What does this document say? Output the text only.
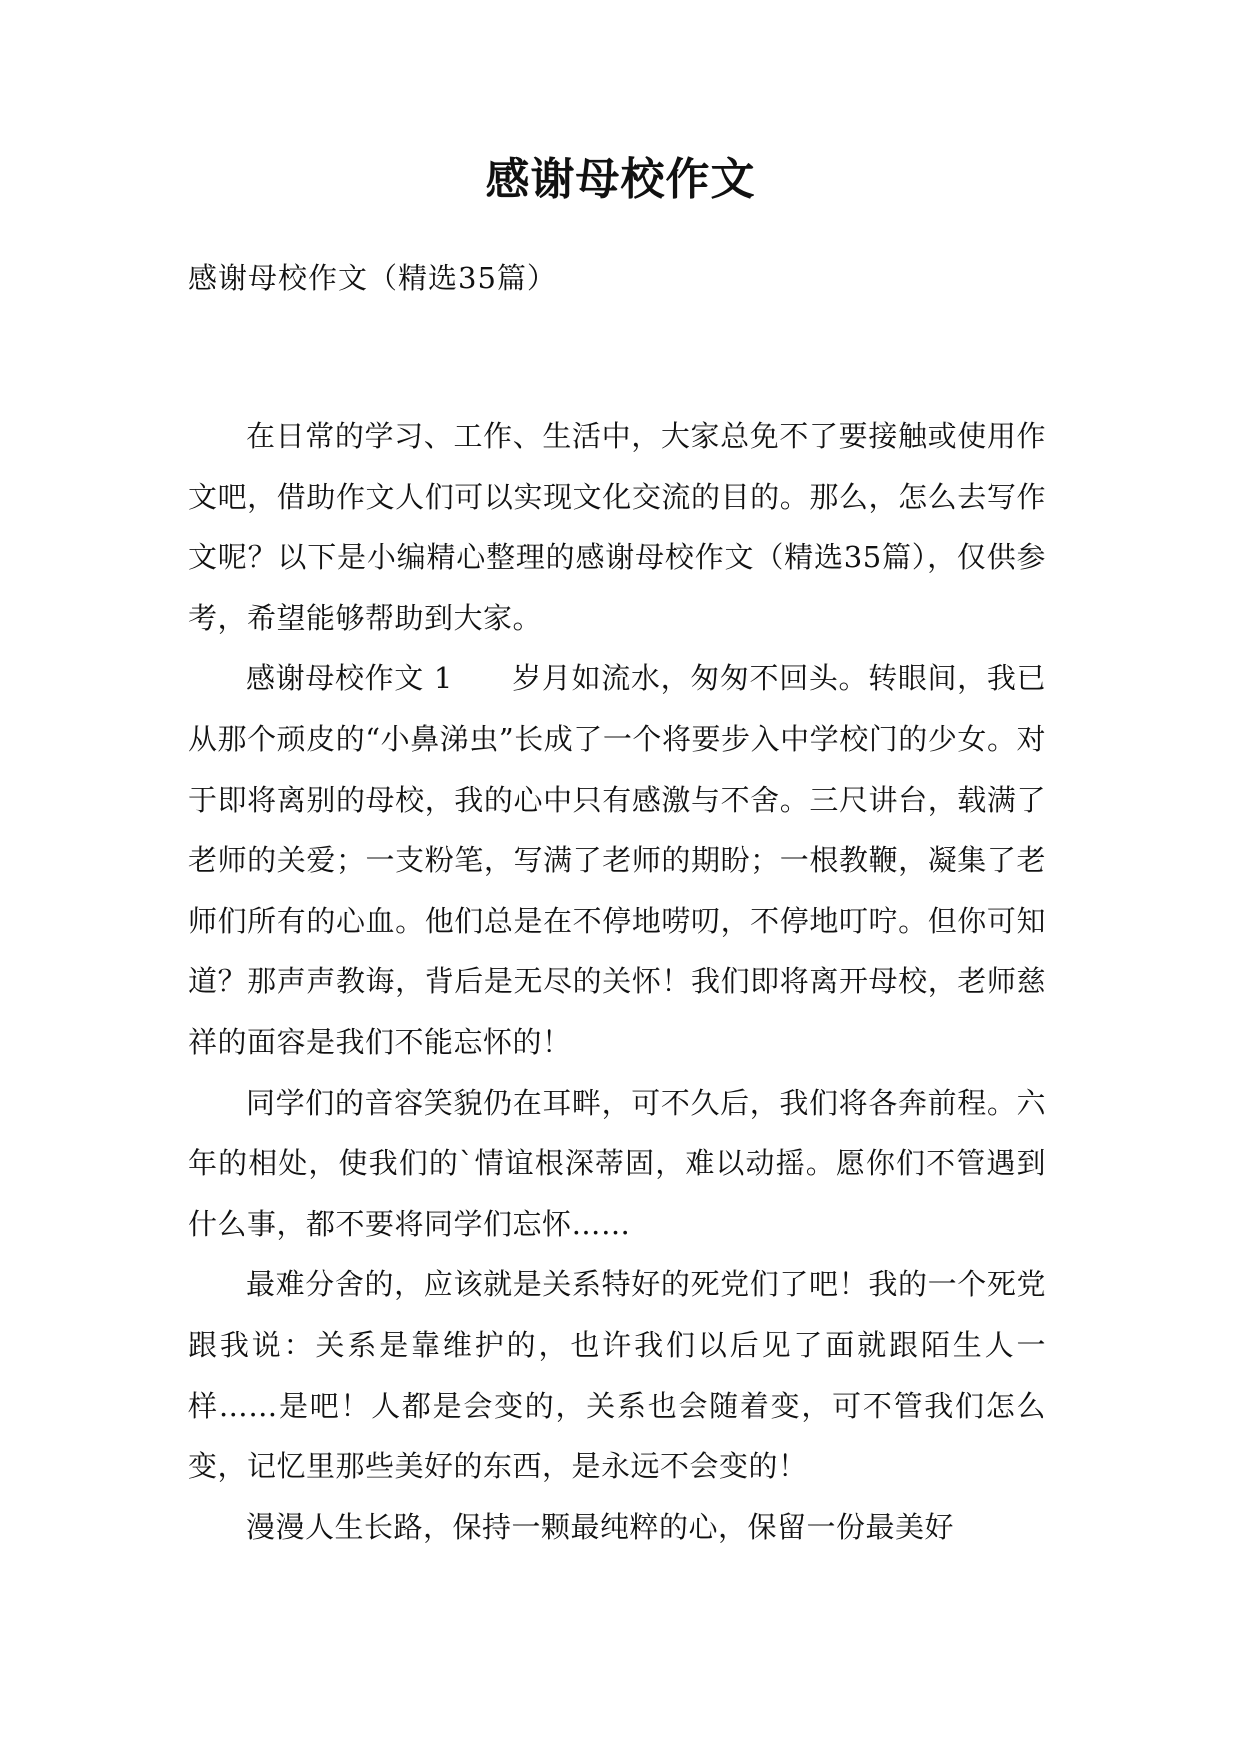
感谢母校作文
感谢母校作文（精选35篇）

在日常的学习、工作、生活中，大家总免不了要接触或使用作文吧，借助作文人们可以实现文化交流的目的。那么，怎么去写作文呢？以下是小编精心整理的感谢母校作文（精选35篇），仅供参考，希望能够帮助到大家。

感谢母校作文 1　　岁月如流水，匆匆不回头。转眼间，我已从那个顽皮的“小鼻涕虫”长成了一个将要步入中学校门的少女。对于即将离别的母校，我的心中只有感激与不舍。三尺讲台，载满了老师的关爱；一支粉笔，写满了老师的期盼；一根教鞭，凝集了老师们所有的心血。他们总是在不停地唠叨，不停地叮咛。但你可知道？那声声教诲，背后是无尽的关怀！我们即将离开母校，老师慈祥的面容是我们不能忘怀的！

同学们的音容笑貌仍在耳畔，可不久后，我们将各奔前程。六年的相处，使我们的`情谊根深蒂固，难以动摇。愿你们不管遇到什么事，都不要将同学们忘怀……

最难分舍的，应该就是关系特好的死党们了吧！我的一个死党跟我说：关系是靠维护的，也许我们以后见了面就跟陌生人一样……是吧！人都是会变的，关系也会随着变，可不管我们怎么变，记忆里那些美好的东西，是永远不会变的！

漫漫人生长路，保持一颗最纯粹的心，保留一份最美好
